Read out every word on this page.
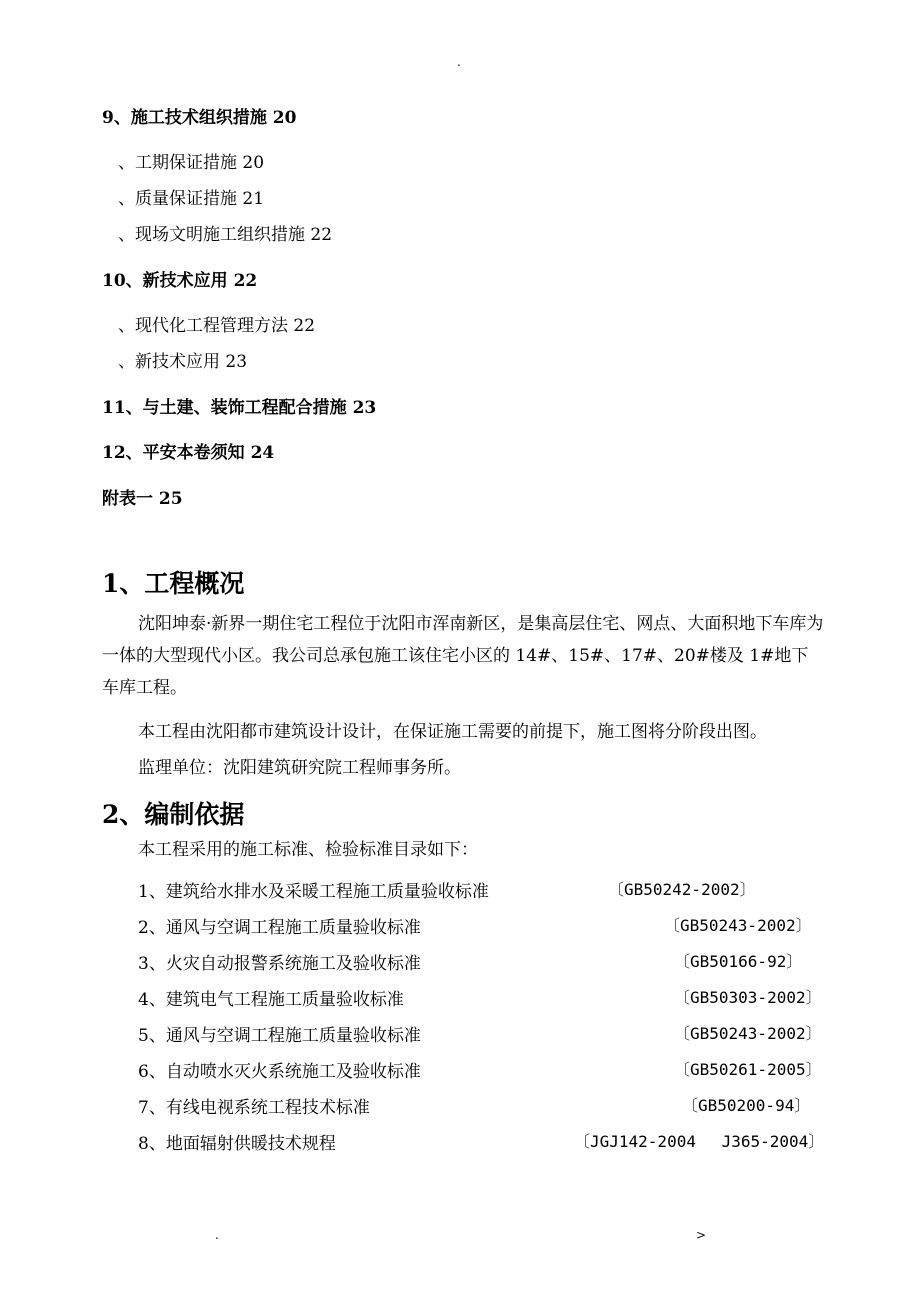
.
9、施工技术组织措施 20
、工期保证措施 20
、质量保证措施 21
、现场文明施工组织措施 22
10、新技术应用 22
、现代化工程管理方法 22
、新技术应用 23
11、与土建、装饰工程配合措施 23
12、平安本卷须知 24
附表一 25
1、工程概况
沈阳坤泰·新界一期住宅工程位于沈阳市浑南新区，是集高层住宅、网点、大面积地下车库为一体的大型现代小区。我公司总承包施工该住宅小区的 14#、15#、17#、20#楼及 1#地下车库工程。
本工程由沈阳都市建筑设计设计，在保证施工需要的前提下，施工图将分阶段出图。
监理单位：沈阳建筑研究院工程师事务所。
2、编制依据
本工程采用的施工标准、检验标准目录如下：
1、建筑给水排水及采暖工程施工质量验收标准	〔GB50242-2002〕
2、通风与空调工程施工质量验收标准	〔GB50243-2002〕
3、火灾自动报警系统施工及验收标准	〔GB50166-92〕
4、建筑电气工程施工质量验收标准	〔GB50303-2002〕
5、通风与空调工程施工质量验收标准	〔GB50243-2002〕
6、自动喷水灭火系统施工及验收标准	〔GB50261-2005〕
7、有线电视系统工程技术标准	〔GB50200-94〕
8、地面辐射供暖技术规程	〔JGJ142-2004　 J365-2004〕
.	>
